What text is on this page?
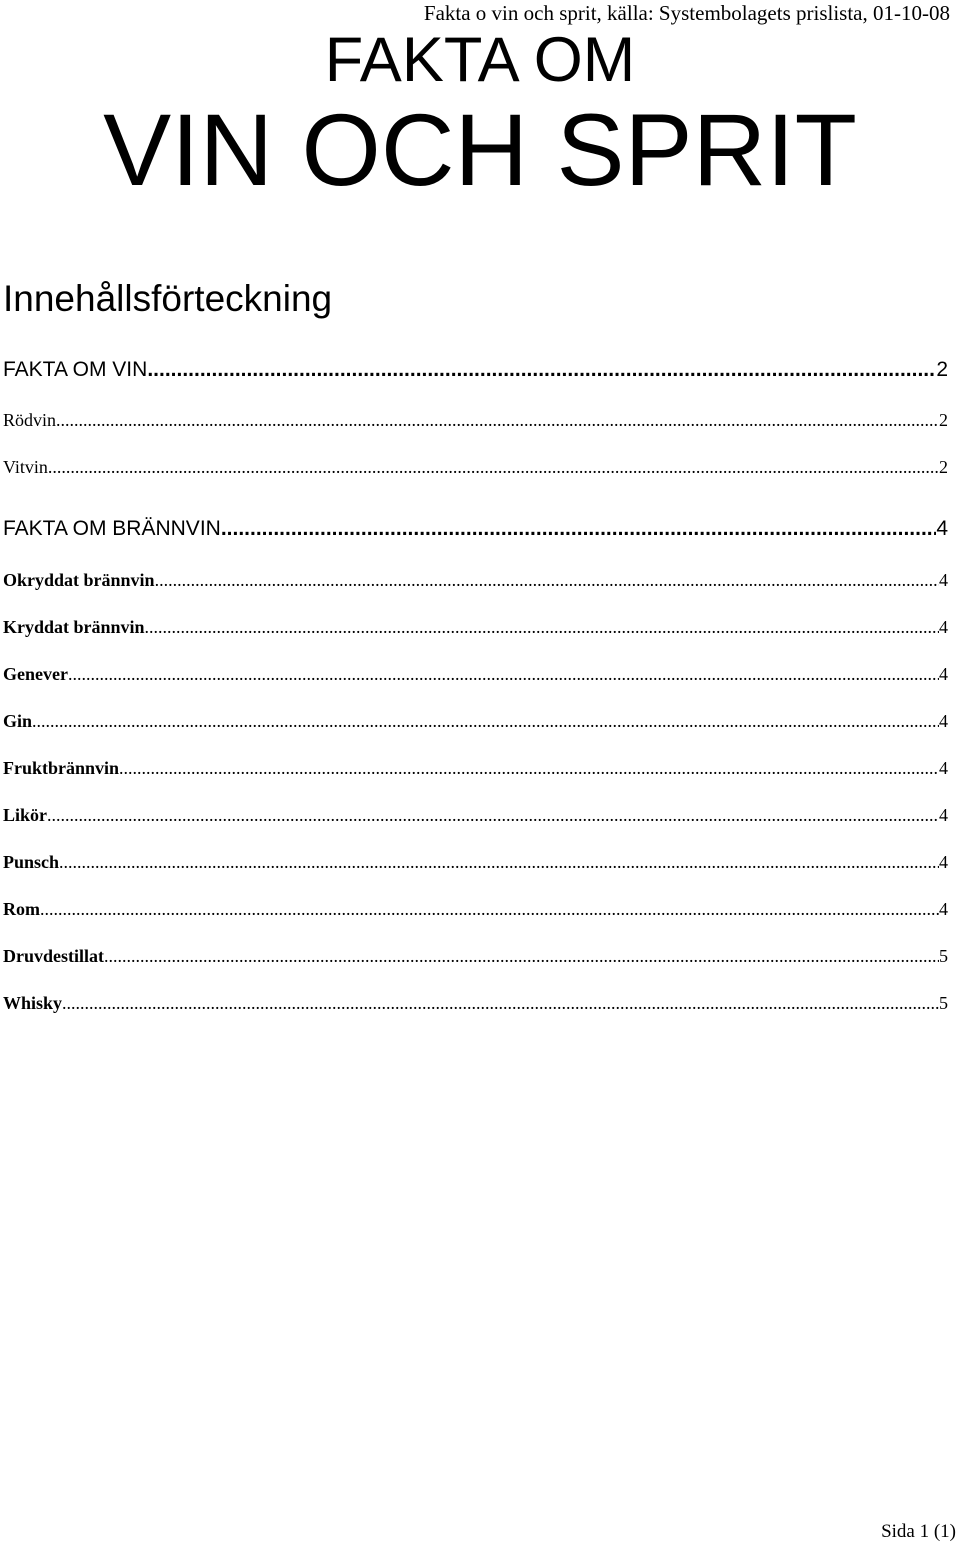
Fakta o vin och sprit, källa: Systembolagets prislista, 01-10-08
FAKTA OM
VIN OCH SPRIT
Innehållsförteckning
FAKTA OM VIN .....	2
Rödvin .....	2
Vitvin .....	2
FAKTA OM BRÄNNVIN .....	4
Okryddat brännvin .....	4
Kryddat brännvin .....	4
Genever .....	4
Gin .....	4
Fruktbrännvin .....	4
Likör .....	4
Punsch .....	4
Rom .....	4
Druvdestillat .....	5
Whisky .....	5
Sida 1 (1)
